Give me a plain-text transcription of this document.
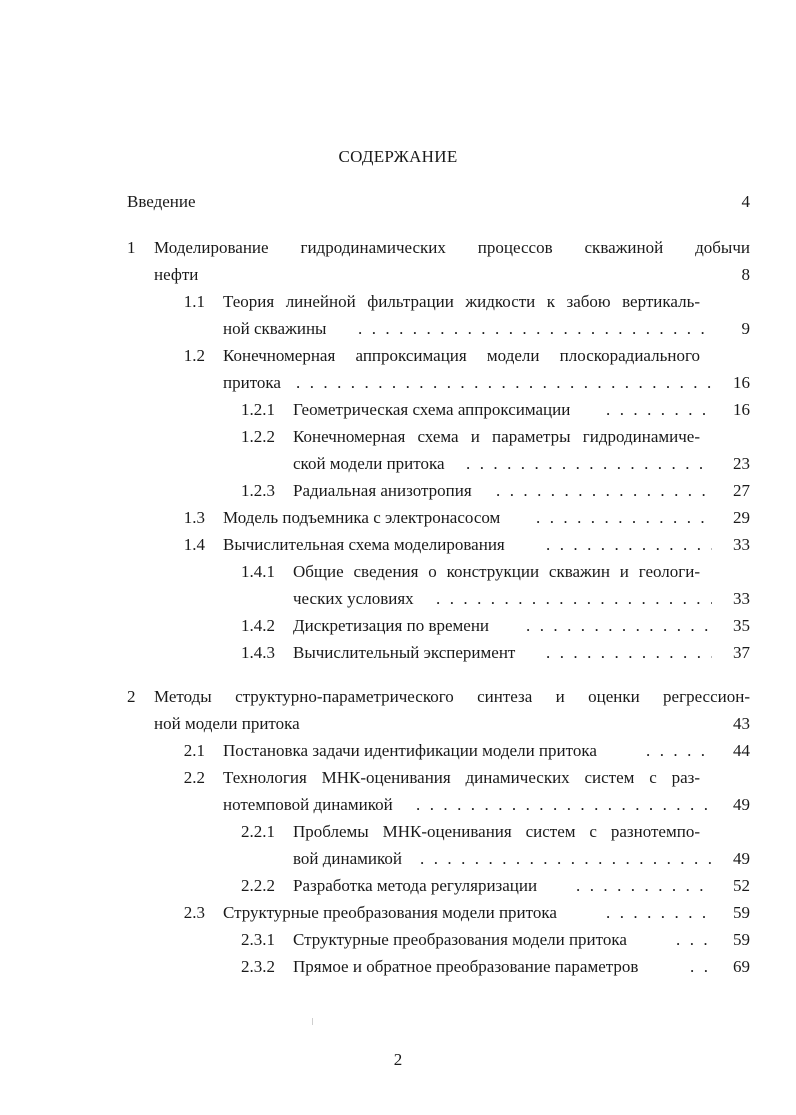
СОДЕРЖАНИЕ
Введение	4
1 Моделирование гидродинамических процессов скважиной добычи
нефти	8
1.1 Теория линейной фильтрации жидкости к забою вертикаль-
ной скважины . . .	9
1.2 Конечномерная аппроксимация модели плоскорадиального
притока . . .	16
1.2.1 Геометрическая схема аппроксимации . . .	16
1.2.2 Конечномерная схема и параметры гидродинамиче-
ской модели притока . . .	23
1.2.3 Радиальная анизотропия . . .	27
1.3 Модель подъемника с электронасосом . . .	29
1.4 Вычислительная схема моделирования . . .	33
1.4.1 Общие сведения о конструкции скважин и геологи-
ческих условиях . . .	33
1.4.2 Дискретизация по времени . . .	35
1.4.3 Вычислительный эксперимент . . .	37
2 Методы структурно-параметрического синтеза и оценки регрессион-
ной модели притока	43
2.1 Постановка задачи идентификации модели притока . . .	44
2.2 Технология МНК-оценивания динамических систем с раз-
нотемповой динамикой . . .	49
2.2.1 Проблемы МНК-оценивания систем с разнотемпо-
вой динамикой . . .	49
2.2.2 Разработка метода регуляризации . . .	52
2.3 Структурные преобразования модели притока . . .	59
2.3.1 Структурные преобразования модели притока . . .	59
2.3.2 Прямое и обратное преобразование параметров . . .	69
2
